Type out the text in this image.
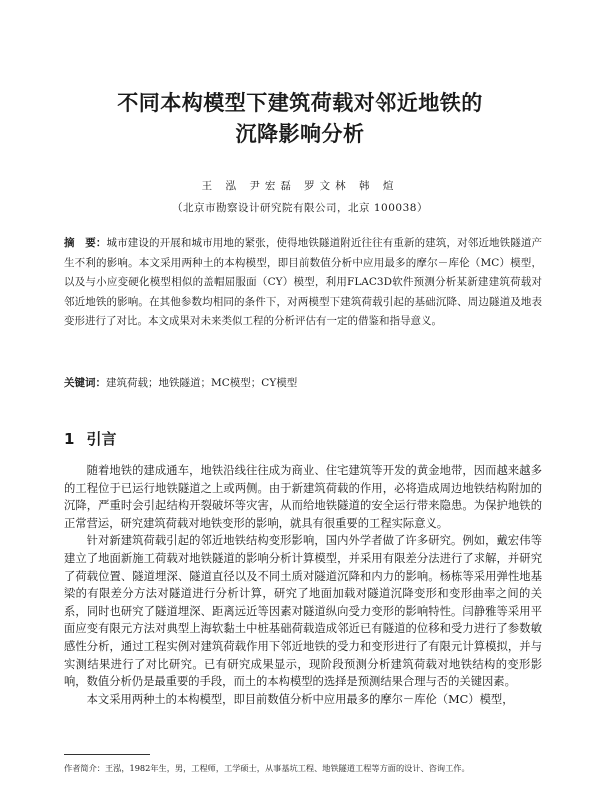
不同本构模型下建筑荷载对邻近地铁的
沉降影响分析
王 泓 尹宏磊 罗文林 韩 煊
（北京市勘察设计研究院有限公司，北京 100038）
摘　要：城市建设的开展和城市用地的紧张，使得地铁隧道附近往往有重新的建筑，对邻近地铁隧道产生不利的影响。本文采用两种土的本构模型，即目前数值分析中应用最多的摩尔－库伦（MC）模型，以及与小应变硬化模型相似的盖帽屈服面（CY）模型，利用FLAC3D软件预测分析某新建建筑荷载对邻近地铁的影响。在其他参数均相同的条件下，对两模型下建筑荷载引起的基础沉降、周边隧道及地表变形进行了对比。本文成果对未来类似工程的分析评估有一定的借鉴和指导意义。
关键词：建筑荷载；地铁隧道；MC模型；CY模型
1 引言

随着地铁的建成通车，地铁沿线往往成为商业、住宅建筑等开发的黄金地带，因而越来越多的工程位于已运行地铁隧道之上或两侧。由于新建筑荷载的作用，必将造成周边地铁结构附加的沉降，严重时会引起结构开裂破坏等灾害，从而给地铁隧道的安全运行带来隐患。为保护地铁的正常营运，研究建筑荷载对地铁变形的影响，就具有很重要的工程实际意义。

针对新建筑荷载引起的邻近地铁结构变形影响，国内外学者做了许多研究。例如，戴宏伟等建立了地面新施工荷载对地铁隧道的影响分析计算模型，并采用有限差分法进行了求解，并研究了荷载位置、隧道埋深、隧道直径以及不同土质对隧道沉降和内力的影响。杨栋等采用弹性地基梁的有限差分方法对隧道进行分析计算，研究了地面加载对隧道沉降变形和变形曲率之间的关系，同时也研究了隧道埋深、距离远近等因素对隧道纵向受力变形的影响特性。闫静雅等采用平面应变有限元方法对典型上海软黏土中桩基础荷载造成邻近已有隧道的位移和受力进行了参数敏感性分析，通过工程实例对建筑荷载作用下邻近地铁的受力和变形进行了有限元计算模拟，并与实测结果进行了对比研究。已有研究成果显示，现阶段预测分析建筑荷载对地铁结构的变形影响，数值分析仍是最重要的手段，而土的本构模型的选择是预测结果合理与否的关键因素。

本文采用两种土的本构模型，即目前数值分析中应用最多的摩尔－库伦（MC）模型，

作者简介：王泓，1982年生，男，工程师，工学硕士，从事基坑工程、地铁隧道工程等方面的设计、咨询工作。
